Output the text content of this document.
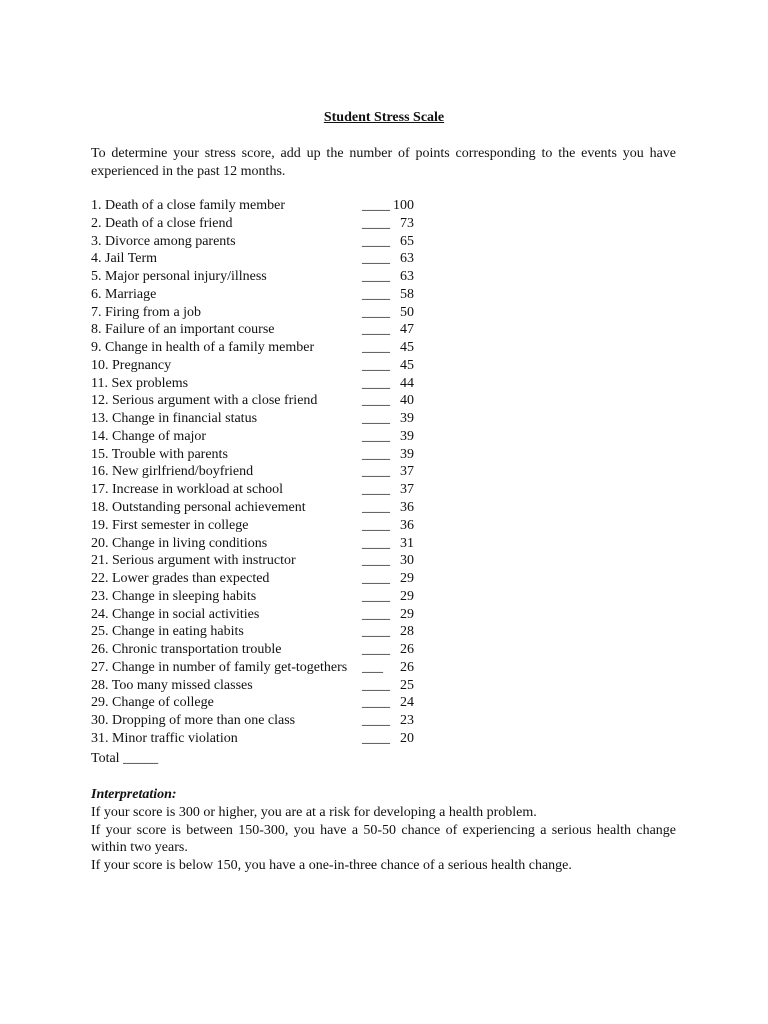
Student Stress Scale

To determine your stress score, add up the number of points corresponding to the events you have experienced in the past 12 months.

1. Death of a close family member	____ 100
2. Death of a close friend	____ 73
3. Divorce among parents	____ 65
4. Jail Term	____ 63
5. Major personal injury/illness	____ 63
6. Marriage	____ 58
7. Firing from a job	____ 50
8. Failure of an important course	____ 47
9. Change in health of a family member	____ 45
10. Pregnancy	____ 45
11. Sex problems	____ 44
12. Serious argument with a close friend	____ 40
13. Change in financial status	____ 39
14. Change of major	____ 39
15. Trouble with parents	____ 39
16. New girlfriend/boyfriend	____ 37
17. Increase in workload at school	____ 37
18. Outstanding personal achievement	____ 36
19. First semester in college	____ 36
20. Change in living conditions	____ 31
21. Serious argument with instructor	____ 30
22. Lower grades than expected	____ 29
23. Change in sleeping habits	____ 29
24. Change in social activities	____ 29
25. Change in eating habits	____ 28
26. Chronic transportation trouble	____ 26
27. Change in number of family get-togethers ___	26
28. Too many missed classes	____ 25
29. Change of college	____ 24
30. Dropping of more than one class	____ 23
31. Minor traffic violation	____ 20
Total _____
Interpretation:
If your score is 300 or higher, you are at a risk for developing a health problem.
If your score is between 150-300, you have a 50-50 chance of experiencing a serious health change within two years.
If your score is below 150, you have a one-in-three chance of a serious health change.
